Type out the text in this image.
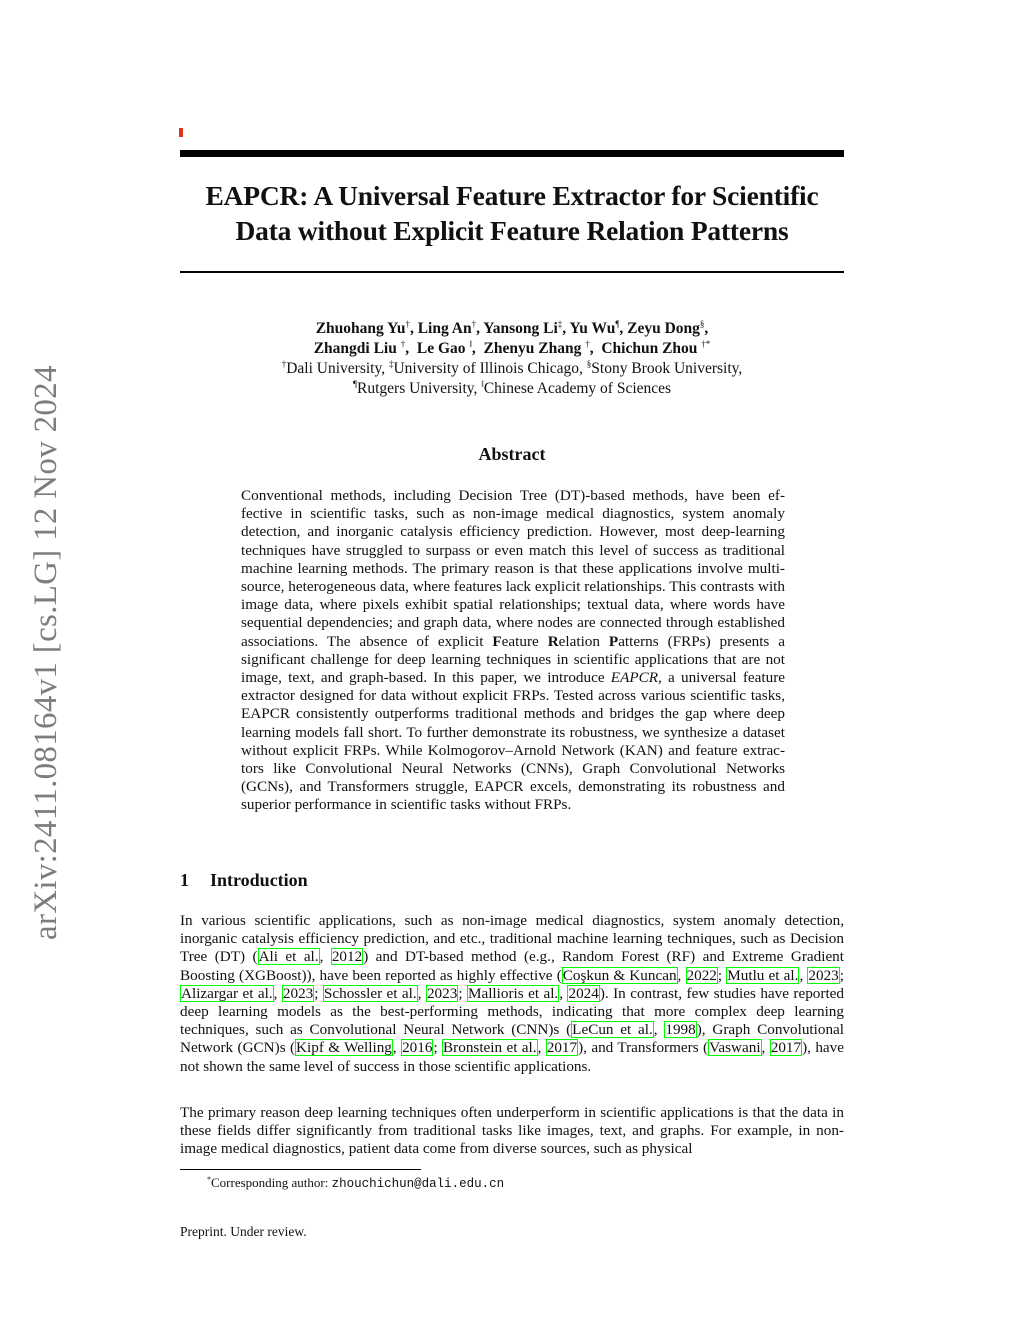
EAPCR: A Universal Feature Extractor for Scientific
Data without Explicit Feature Relation Patterns
arXiv:2411.08164v1 [cs.LG] 12 Nov 2024
Zhuohang Yu†, Ling An†, Yansong Li‡, Yu Wu¶, Zeyu Dong§,
Zhangdi Liu †,  Le Gao ‖,  Zhenyu Zhang †,  Chichun Zhou †*
†Dali University, ‡University of Illinois Chicago, §Stony Brook University,
¶Rutgers University, ‖Chinese Academy of Sciences
Abstract
Conventional methods, including Decision Tree (DT)-based methods, have been effective in scientific tasks, such as non-image medical diagnostics, system anomaly detection, and inorganic catalysis efficiency prediction. However, most deep-learning techniques have struggled to surpass or even match this level of success as traditional machine learning methods. The primary reason is that these applications involve multi-source, heterogeneous data, where features lack explicit relationships. This contrasts with image data, where pixels exhibit spatial relationships; textual data, where words have sequential dependencies; and graph data, where nodes are connected through established associations. The absence of explicit Feature Relation Patterns (FRPs) presents a significant challenge for deep learning techniques in scientific applications that are not image, text, and graph-based. In this paper, we introduce EAPCR, a universal feature extractor designed for data without explicit FRPs. Tested across various scientific tasks, EAPCR consistently outperforms traditional methods and bridges the gap where deep learning models fall short. To further demonstrate its robustness, we synthesize a dataset without explicit FRPs. While Kolmogorov–Arnold Network (KAN) and feature extractors like Convolutional Neural Networks (CNNs), Graph Convolutional Networks (GCNs), and Transformers struggle, EAPCR excels, demonstrating its robustness and superior performance in scientific tasks without FRPs.
1 Introduction
In various scientific applications, such as non-image medical diagnostics, system anomaly detection, inorganic catalysis efficiency prediction, and etc., traditional machine learning techniques, such as Decision Tree (DT) (Ali et al., 2012) and DT-based method (e.g., Random Forest (RF) and Extreme Gradient Boosting (XGBoost)), have been reported as highly effective (Coşkun & Kuncan, 2022; Mutlu et al., 2023; Alizargar et al., 2023; Schossler et al., 2023; Mallioris et al., 2024). In contrast, few studies have reported deep learning models as the best-performing methods, indicating that more complex deep learning techniques, such as Convolutional Neural Network (CNN)s (LeCun et al., 1998), Graph Convolutional Network (GCN)s (Kipf & Welling, 2016; Bronstein et al., 2017), and Transformers (Vaswani, 2017), have not shown the same level of success in those scientific applications.
The primary reason deep learning techniques often underperform in scientific applications is that the data in these fields differ significantly from traditional tasks like images, text, and graphs. For example, in non-image medical diagnostics, patient data come from diverse sources, such as physical
*Corresponding author: zhouchichun@dali.edu.cn
Preprint. Under review.
